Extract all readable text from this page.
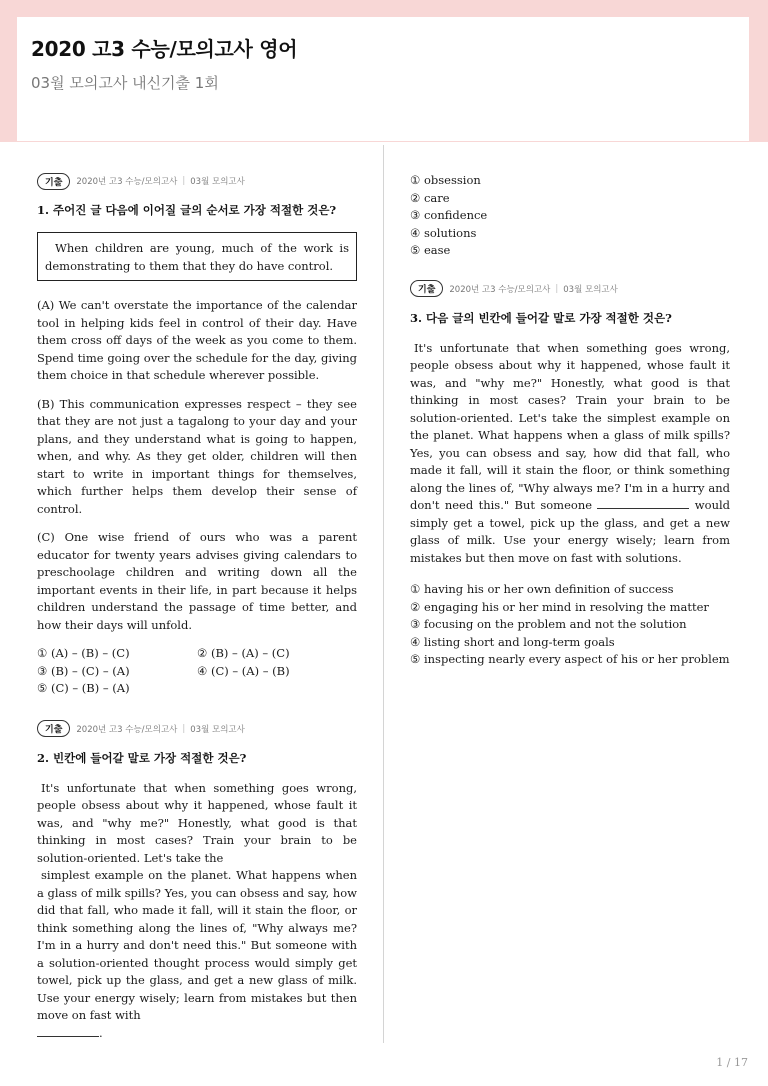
2020 고3 수능/모의고사 영어
03월 모의고사 내신기출 1회
기출	2020년 고3 수능/모의고사 | 03월 모의고사
1. 주어진 글 다음에 이어질 글의 순서로 가장 적절한 것은?
When children are young, much of the work is demonstrating to them that they do have control.

(A) We can't overstate the importance of the calendar tool in helping kids feel in control of their day. Have them cross off days of the week as you come to them. Spend time going over the schedule for the day, giving them choice in that schedule wherever possible.

(B) This communication expresses respect – they see that they are not just a tagalong to your day and your plans, and they understand what is going to happen, when, and why. As they get older, children will then start to write in important things for themselves, which further helps them develop their sense of control.

(C) One wise friend of ours who was a parent educator for twenty years advises giving calendars to preschoolage children and writing down all the important events in their life, in part because it helps children understand the passage of time better, and how their days will unfold.

① (A) – (B) – (C)	② (B) – (A) – (C)
③ (B) – (C) – (A)	④ (C) – (A) – (B)
⑤ (C) – (B) – (A)
기출	2020년 고3 수능/모의고사 | 03월 모의고사
2. 빈칸에 들어갈 말로 가장 적절한 것은?

It's unfortunate that when something goes wrong, people obsess about why it happened, whose fault it was, and "why me?" Honestly, what good is that thinking in most cases? Train your brain to be solution-oriented. Let's take the

simplest example on the planet. What happens when a glass of milk spills? Yes, you can obsess and say, how did that fall, who made it fall, will it stain the floor, or think something along the lines of, "Why always me? I'm in a hurry and don't need this." But someone with a solution-oriented thought process would simply get towel, pick up the glass, and get a new glass of milk. Use your energy wisely; learn from mistakes but then move on fast with
.

① obsession
② care
③ confidence
④ solutions
⑤ ease
기출	2020년 고3 수능/모의고사 | 03월 모의고사
3. 다음 글의 빈칸에 들어갈 말로 가장 적절한 것은?

It's unfortunate that when something goes wrong, people obsess about why it happened, whose fault it was, and "why me?" Honestly, what good is that thinking in most cases? Train your brain to be solution-oriented. Let's take the simplest example on the planet. What happens when a glass of milk spills? Yes, you can obsess and say, how did that fall, who made it fall, will it stain the floor, or think something along the lines of, "Why always me? I'm in a hurry and don't need this." But someone	would simply get a towel, pick up the glass, and get a new glass of milk. Use your energy wisely; learn from mistakes but then move on fast with solutions.

① having his or her own definition of success
② engaging his or her mind in resolving the matter
③ focusing on the problem and not the solution
④ listing short and long-term goals
⑤ inspecting nearly every aspect of his or her problem
1 / 17
